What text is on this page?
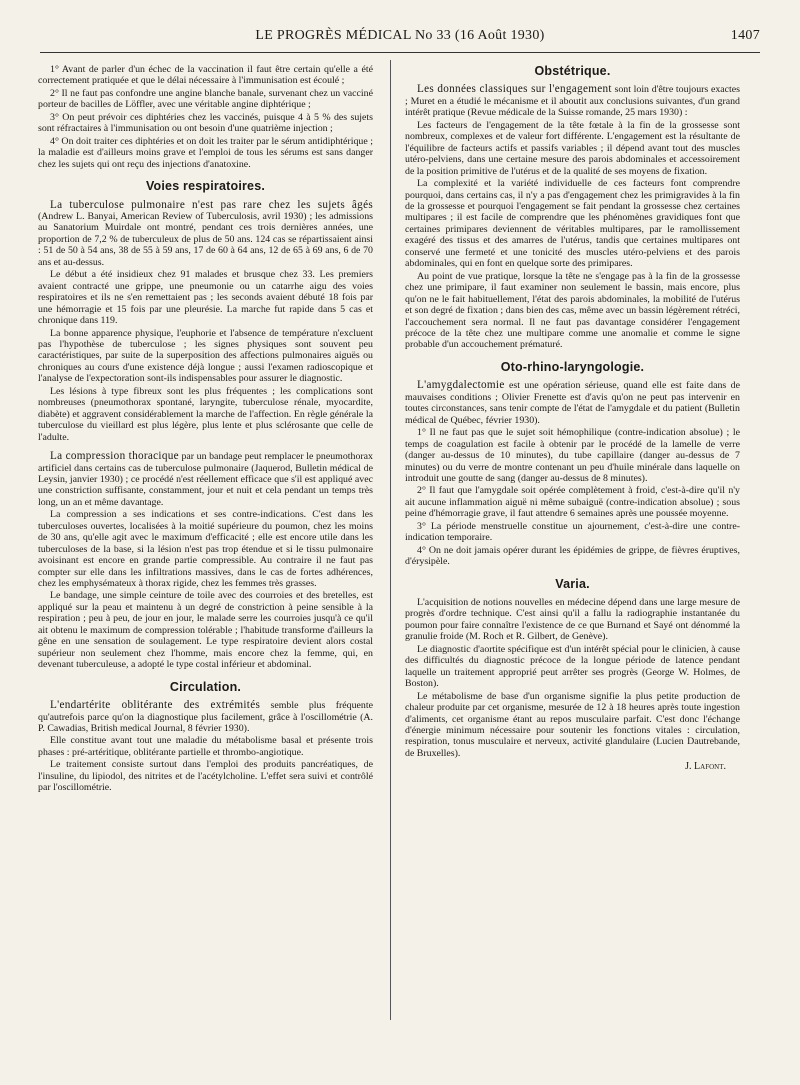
LE PROGRÈS MÉDICAL No 33 (16 Août 1930)	1407

1° Avant de parler d'un échec de la vaccination il faut être certain qu'elle a été correctement pratiquée et que le délai nécessaire à l'immunisation est écoulé ;

2° Il ne faut pas confondre une angine blanche banale, survenant chez un vacciné porteur de bacilles de Löffler, avec une véritable angine diphtérique ;

3° On peut prévoir ces diphtéries chez les vaccinés, puisque 4 à 5 % des sujets sont réfractaires à l'immunisation ou ont besoin d'une quatrième injection ;

4° On doit traiter ces diphtéries et on doit les traiter par le sérum antidiphtérique ; la maladie est d'ailleurs moins grave et l'emploi de tous les sérums est sans danger chez les sujets qui ont reçu des injections d'anatoxine.

Voies respiratoires.

La tuberculose pulmonaire n'est pas rare chez les sujets âgés (Andrew L. Banyai, American Review of Tuberculosis, avril 1930) ; les admissions au Sanatorium Muirdale ont montré, pendant ces trois dernières années, une proportion de 7,2 % de tuberculeux de plus de 50 ans. 124 cas se répartissaient ainsi : 51 de 50 à 54 ans, 38 de 55 à 59 ans, 17 de 60 à 64 ans, 12 de 65 à 69 ans, 6 de 70 ans et au-dessus.

Le début a été insidieux chez 91 malades et brusque chez 33. Les premiers avaient contracté une grippe, une pneumonie ou un catarrhe aigu des voies respiratoires et ils ne s'en remettaient pas ; les seconds avaient débuté 18 fois par une hémorragie et 15 fois par une pleurésie. La marche fut rapide dans 5 cas et chronique dans 119.

La bonne apparence physique, l'euphorie et l'absence de température n'excluent pas l'hypothèse de tuberculose ; les signes physiques sont souvent peu caractéristiques, par suite de la superposition des affections pulmonaires aiguës ou chroniques au cours d'une existence déjà longue ; aussi l'examen radioscopique et l'analyse de l'expectoration sont-ils indispensables pour assurer le diagnostic.

Les lésions à type fibreux sont les plus fréquentes ; les complications sont nombreuses (pneumothorax spontané, laryngite, tuberculose rénale, myocardite, diabète) et aggravent considérablement la marche de l'affection. En règle générale la tuberculose du vieillard est plus légère, plus lente et plus sclérosante que celle de l'adulte.

La compression thoracique par un bandage peut remplacer le pneumothorax artificiel dans certains cas de tuberculose pulmonaire (Jaquerod, Bulletin médical de Leysin, janvier 1930) ; ce procédé n'est réellement efficace que s'il est appliqué avec une constriction suffisante, constamment, jour et nuit et cela pendant un temps très long, un an et même davantage.

La compression a ses indications et ses contre-indications. C'est dans les tuberculoses ouvertes, localisées à la moitié supérieure du poumon, chez les moins de 30 ans, qu'elle agit avec le maximum d'efficacité ; elle est encore utile dans les tuberculoses de la base, si la lésion n'est pas trop étendue et si le tissu pulmonaire avoisinant est encore en grande partie compressible. Au contraire il ne faut pas compter sur elle dans les infiltrations massives, dans le cas de fortes adhérences, chez les emphysémateux à thorax rigide, chez les femmes très grasses.

Le bandage, une simple ceinture de toile avec des courroies et des bretelles, est appliqué sur la peau et maintenu à un degré de constriction à peine sensible à la respiration ; peu à peu, de jour en jour, le malade serre les courroies jusqu'à ce qu'il ait obtenu le maximum de compression tolérable ; l'habitude transforme d'ailleurs la gêne en une sensation de soulagement. Le type respiratoire devient alors costal supérieur non seulement chez l'homme, mais encore chez la femme, qui, en devenant tuberculeuse, a adopté le type costal inférieur et abdominal.

Circulation.

L'endartérite oblitérante des extrémités semble plus fréquente qu'autrefois parce qu'on la diagnostique plus facilement, grâce à l'oscillométrie (A. P. Cawadias, British medical Journal, 8 février 1930).

Elle constitue avant tout une maladie du métabolisme basal et présente trois phases : pré-artéritique, oblitérante partielle et thrombo-angiotique.

Le traitement consiste surtout dans l'emploi des produits pancréatiques, de l'insuline, du lipiodol, des nitrites et de l'acétylcholine. L'effet sera suivi et contrôlé par l'oscillométrie.

Obstétrique.

Les données classiques sur l'engagement sont loin d'être toujours exactes ; Muret en a étudié le mécanisme et il aboutit aux conclusions suivantes, d'un grand intérêt pratique (Revue médicale de la Suisse romande, 25 mars 1930) :

Les facteurs de l'engagement de la tête fœtale à la fin de la grossesse sont nombreux, complexes et de valeur fort différente. L'engagement est la résultante de l'équilibre de facteurs actifs et passifs variables ; il dépend avant tout des muscles utéro-pelviens, dans une certaine mesure des parois abdominales et accessoirement de la position primitive de l'utérus et de la qualité de ses moyens de fixation.

La complexité et la variété individuelle de ces facteurs font comprendre pourquoi, dans certains cas, il n'y a pas d'engagement chez les primigravides à la fin de la grossesse et pourquoi l'engagement se fait pendant la grossesse chez certaines multipares ; il est facile de comprendre que les phénomènes gravidiques font que certaines primipares deviennent de véritables multipares, par le ramollissement exagéré des tissus et des amarres de l'utérus, tandis que certaines multipares ont conservé une fermeté et une tonicité des muscles utéro-pelviens et des parois abdominales, qui en font en quelque sorte des primipares.

Au point de vue pratique, lorsque la tête ne s'engage pas à la fin de la grossesse chez une primipare, il faut examiner non seulement le bassin, mais encore, plus qu'on ne le fait habituellement, l'état des parois abdominales, la mobilité de l'utérus et son degré de fixation ; dans bien des cas, même avec un bassin légèrement rétréci, l'accouchement sera normal. Il ne faut pas davantage considérer l'engagement précoce de la tête chez une multipare comme une anomalie et comme le signe probable d'un accouchement prématuré.

Oto-rhino-laryngologie.

L'amygdalectomie est une opération sérieuse, quand elle est faite dans de mauvaises conditions ; Olivier Frenette est d'avis qu'on ne peut pas intervenir en toutes circonstances, sans tenir compte de l'état de l'amygdale et du patient (Bulletin médical de Québec, février 1930).

1° Il ne faut pas que le sujet soit hémophilique (contre-indication absolue) ; le temps de coagulation est facile à obtenir par le procédé de la lamelle de verre (danger au-dessus de 10 minutes), du tube capillaire (danger au-dessus de 7 minutes) ou du verre de montre contenant un peu d'huile minérale dans laquelle on introduit une goutte de sang (danger au-dessus de 8 minutes).

2° Il faut que l'amygdale soit opérée complètement à froid, c'est-à-dire qu'il n'y ait aucune inflammation aiguë ni même subaiguë (contre-indication absolue) ; sous peine d'hémorragie grave, il faut attendre 6 semaines après une poussée moyenne.

3° La période menstruelle constitue un ajournement, c'est-à-dire une contre-indication temporaire.

4° On ne doit jamais opérer durant les épidémies de grippe, de fièvres éruptives, d'érysipèle.

Varia.

L'acquisition de notions nouvelles en médecine dépend dans une large mesure de progrès d'ordre technique. C'est ainsi qu'il a fallu la radiographie instantanée du poumon pour faire connaître l'existence de ce que Burnand et Sayé ont dénommé la granulie froide (M. Roch et R. Gilbert, de Genève).

Le diagnostic d'aortite spécifique est d'un intérêt spécial pour le clinicien, à cause des difficultés du diagnostic précoce de la longue période de latence pendant laquelle un traitement approprié peut arrêter ses progrès (George W. Holmes, de Boston).

Le métabolisme de base d'un organisme signifie la plus petite production de chaleur produite par cet organisme, mesurée de 12 à 18 heures après toute ingestion d'aliments, cet organisme étant au repos musculaire parfait. C'est donc l'échange d'énergie minimum nécessaire pour soutenir les fonctions vitales : circulation, respiration, tonus musculaire et nerveux, activité glandulaire (Lucien Dautrebande, de Bruxelles).

J. Lafont.
